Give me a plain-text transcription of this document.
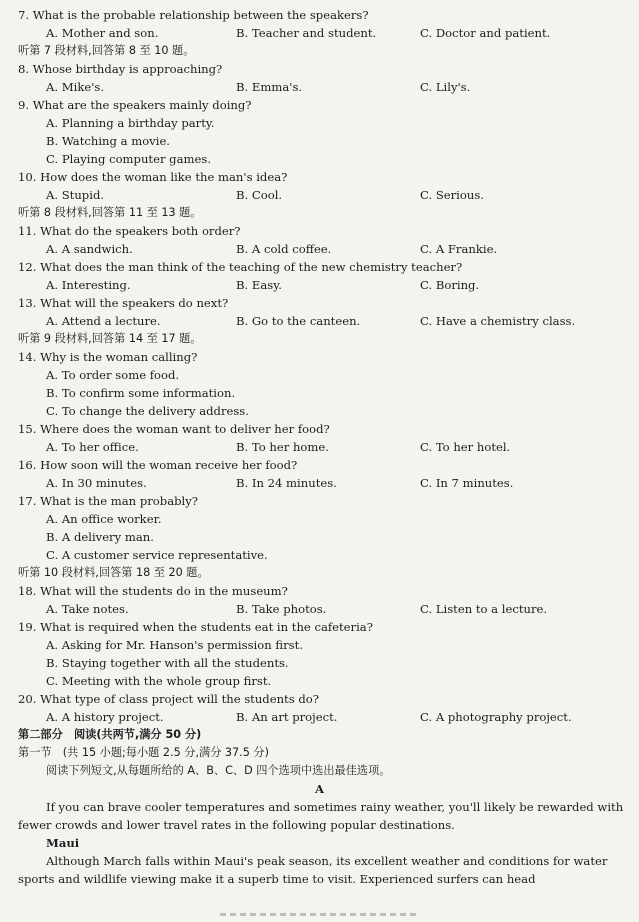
7. What is the probable relationship between the speakers?
A. Mother and son.	B. Teacher and student.	C. Doctor and patient.
听第 7 段材料,回答第 8 至 10 题。
8. Whose birthday is approaching?
A. Mike's.	B. Emma's.	C. Lily's.
9. What are the speakers mainly doing?
A. Planning a birthday party.
B. Watching a movie.
C. Playing computer games.
10. How does the woman like the man's idea?
A. Stupid.	B. Cool.	C. Serious.
听第 8 段材料,回答第 11 至 13 题。
11. What do the speakers both order?
A. A sandwich.	B. A cold coffee.	C. A Frankie.
12. What does the man think of the teaching of the new chemistry teacher?
A. Interesting.	B. Easy.	C. Boring.
13. What will the speakers do next?
A. Attend a lecture.	B. Go to the canteen.	C. Have a chemistry class.
听第 9 段材料,回答第 14 至 17 题。
14. Why is the woman calling?
A. To order some food.
B. To confirm some information.
C. To change the delivery address.
15. Where does the woman want to deliver her food?
A. To her office.	B. To her home.	C. To her hotel.
16. How soon will the woman receive her food?
A. In 30 minutes.	B. In 24 minutes.	C. In 7 minutes.
17. What is the man probably?
A. An office worker.
B. A delivery man.
C. A customer service representative.
听第 10 段材料,回答第 18 至 20 题。
18. What will the students do in the museum?
A. Take notes.	B. Take photos.	C. Listen to a lecture.
19. What is required when the students eat in the cafeteria?
A. Asking for Mr. Hanson's permission first.
B. Staying together with all the students.
C. Meeting with the whole group first.
20. What type of class project will the students do?
A. A history project.	B. An art project.	C. A photography project.
第二部分　阅读(共两节,满分 50 分)
第一节　(共 15 小题;每小题 2.5 分,满分 37.5 分)
阅读下列短文,从每题所给的 A、B、C、D 四个选项中选出最佳选项。
A
If you can brave cooler temperatures and sometimes rainy weather, you'll likely be rewarded with fewer crowds and lower travel rates in the following popular destinations.
Maui
Although March falls within Maui's peak season, its excellent weather and conditions for water sports and wildlife viewing make it a superb time to visit. Experienced surfers can head
